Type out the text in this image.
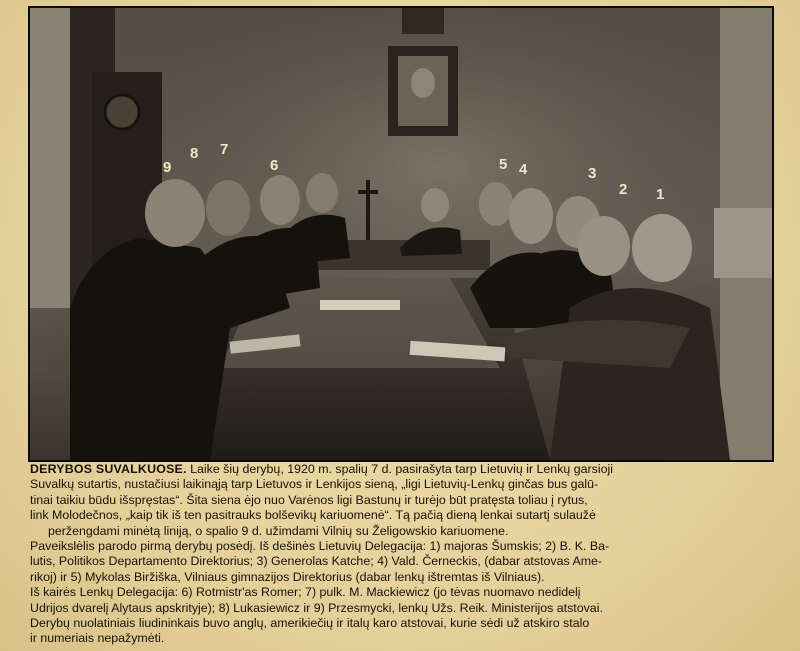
9
8 7
6	5 4	3
2 1

DERYBOS SUVALKUOSE. Laike šių derybų, 1920 m. spalių 7 d. pasirašyta tarp Lietuvių ir Lenkų garsioji

Suvalkų sutartis, nustačiusi laikinąją tarp Lietuvos ir Lenkijos sieną, „ligi Lietuvių-Lenkų ginčas bus galū-

tinai taikiu būdu išspręstas“. Šita siena ėjo nuo Varėnos ligi Bastunų ir turėjo būt pratęsta toliau į rytus,

link Molodečnos, „kaip tik iš ten pasitrauks bolševikų kariuomenė“. Tą pačią dieną lenkai sutartį sulaužė

peržengdami minėtą liniją, o spalio 9 d. užimdami Vilnių su Želigowskio kariuomene.

Paveikslėlis parodo pirmą derybų posėdį. Iš dešinės Lietuvių Delegacija: 1) majoras Šumskis; 2) B. K. Ba-

lutis, Politikos Departamento Direktorius; 3) Generolas Katche; 4) Vald. Černeckis, (dabar atstovas Ame-

rikoj) ir 5) Mykolas Biržiška, Vilniaus gimnazijos Direktorius (dabar lenkų ištremtas iš Vilniaus).

Iš kairės Lenkų Delegacija: 6) Rotmistr'as Romer; 7) pulk. M. Mackiewicz (jo tėvas nuomavo nedidelį

Udrijos dvarelį Alytaus apskrityje); 8) Lukasiewicz ir 9) Przesmycki, lenkų Užs. Reik. Ministerijos atstovai.

Derybų nuolatiniais liudininkais buvo anglų, amerikiečių ir italų karo atstovai, kurie sėdi už atskiro stalo

ir numeriais nepažymėti.
